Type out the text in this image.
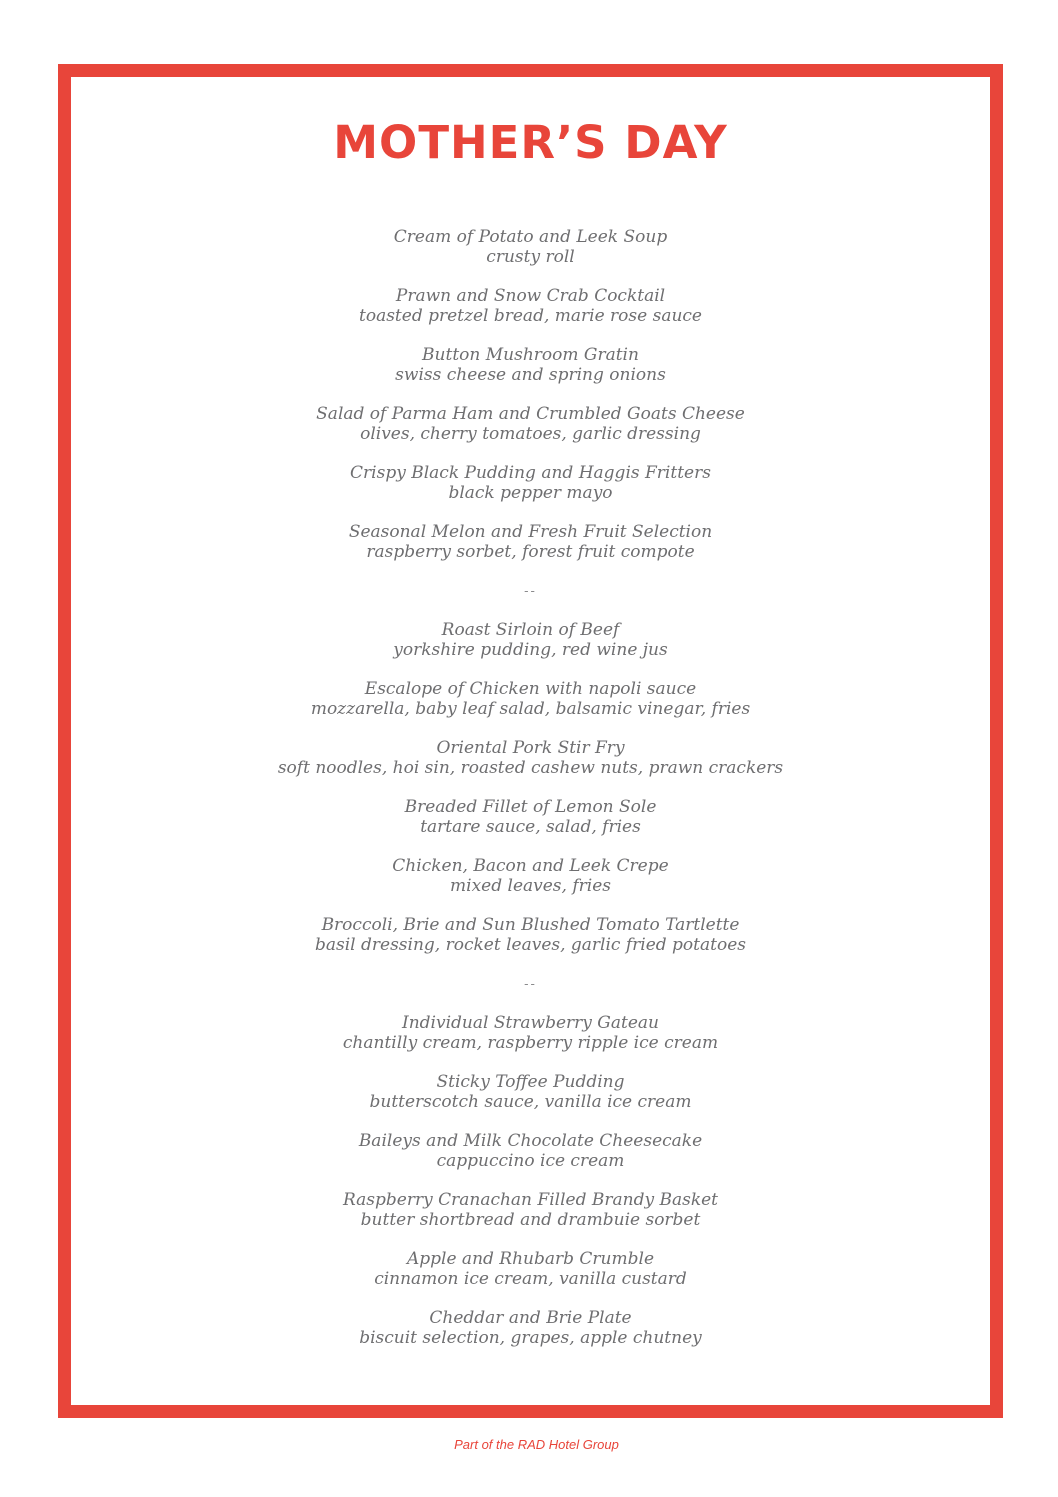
MOTHER’S DAY
Cream of Potato and Leek Soup
crusty roll
Prawn and Snow Crab Cocktail
toasted pretzel bread, marie rose sauce
Button Mushroom Gratin
swiss cheese and spring onions
Salad of Parma Ham and Crumbled Goats Cheese
olives, cherry tomatoes, garlic dressing
Crispy Black Pudding and Haggis Fritters
black pepper mayo
Seasonal Melon and Fresh Fruit Selection
raspberry sorbet, forest fruit compote
--
Roast Sirloin of Beef
yorkshire pudding, red wine jus
Escalope of Chicken with napoli sauce
mozzarella, baby leaf salad, balsamic vinegar, fries
Oriental Pork Stir Fry
soft noodles, hoi sin, roasted cashew nuts, prawn crackers
Breaded Fillet of Lemon Sole
tartare sauce, salad, fries
Chicken, Bacon and Leek Crepe
mixed leaves, fries
Broccoli, Brie and Sun Blushed Tomato Tartlette
basil dressing, rocket leaves, garlic fried potatoes
--
Individual Strawberry Gateau
chantilly cream, raspberry ripple ice cream
Sticky Toffee Pudding
butterscotch sauce, vanilla ice cream
Baileys and Milk Chocolate Cheesecake
cappuccino ice cream
Raspberry Cranachan Filled Brandy Basket
butter shortbread and drambuie sorbet
Apple and Rhubarb Crumble
cinnamon ice cream, vanilla custard
Cheddar and Brie Plate
biscuit selection, grapes, apple chutney
Part of the RAD Hotel Group
